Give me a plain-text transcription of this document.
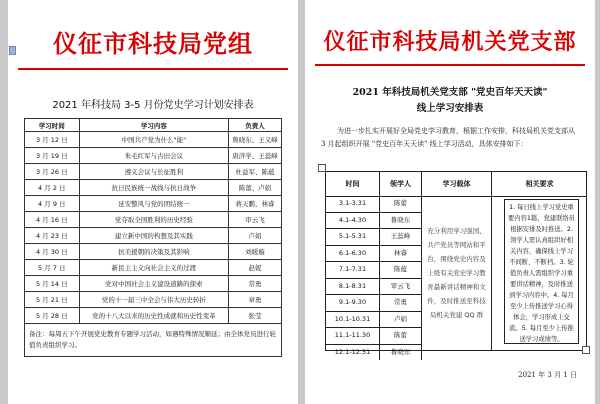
仪征市科技局党组
2021 年科技局 3-5 月份党史学习计划安排表
学习时间	学习内容	负责人
3 月 12 日	中国共产党为什么"能"	鲁晓东、王义峰
3 月 19 日	朱毛红军与古田会议	唐济学、王蕊峰
3 月 26 日	遵义会议与长征胜利	杜益军、陈蕴
4 月 2 日	抗日民族统一战线与抗日战争	陈蕾、卢娟
4 月 9 日	延安整风与党的团结统一	蒋天鹏、林睿
4 月 16 日	党夺取全国胜利的历史经验	审云飞
4 月 23 日	建立新中国的构想及其实践	卢娟
4 月 30 日	抗美援朝的决策及其影响	刘暖璇
5 月 7 日	新民主主义向社会主义的过渡	赵妮
5 月 14 日	党对中国社会主义建设道路的探索	常勇
5 月 21 日	党的十一届三中全会与伟大历史转折	章勇
5 月 28 日	党的十八大以来的历史性成就和历史性变革	张莹
备注：每周五下午开展党史教育专题学习活动，如遇特殊情况顺延；由全体党员进行轮值负责组织学习。		
仪征市科技局机关党支部
2021 年科技局机关党支部 "党史百年天天读"
线上学习安排表
为进一步扎实开展好全局党史学习教育，根据工作安排，科技局机关党支部从 3 月起组织开展 "党史百年天天读" 线上学习活动，具体安排如下：
时间	领学人	学习载体	相关要求
3.1-3.31	陈蕾
4.1-4.30	鲁晓东
5.1-5.31	王蕊峰
6.1-6.30	林睿
7.1-7.31	陈蕴
8.1-8.31	审云飞
9.1-9.30	常勇
10.1-10.31	卢娟
11.1-11.30	陈蕾
12.1-12.31	鲁晓东
充分利用学习强国、共产党员等网站和平台，围绕党史内容及上级有关党史学习教育最新讲话精神和文件，及时推送至科技局机关党建 QQ 群
1. 每日线上学习党史重要内容1篇，党建联络员根据安排及时推送。2. 领学人需认真组织好相关内容，确保线上学习不间断、不断档。3. 轮值负责人需组织学习重要讲话精神，及时推送到学习内容中。4. 每月至少上传推送学习心得体会，学习形成上交流。5. 每月至少上传推送学习成绩等。
2021 年 3 月 1 日
